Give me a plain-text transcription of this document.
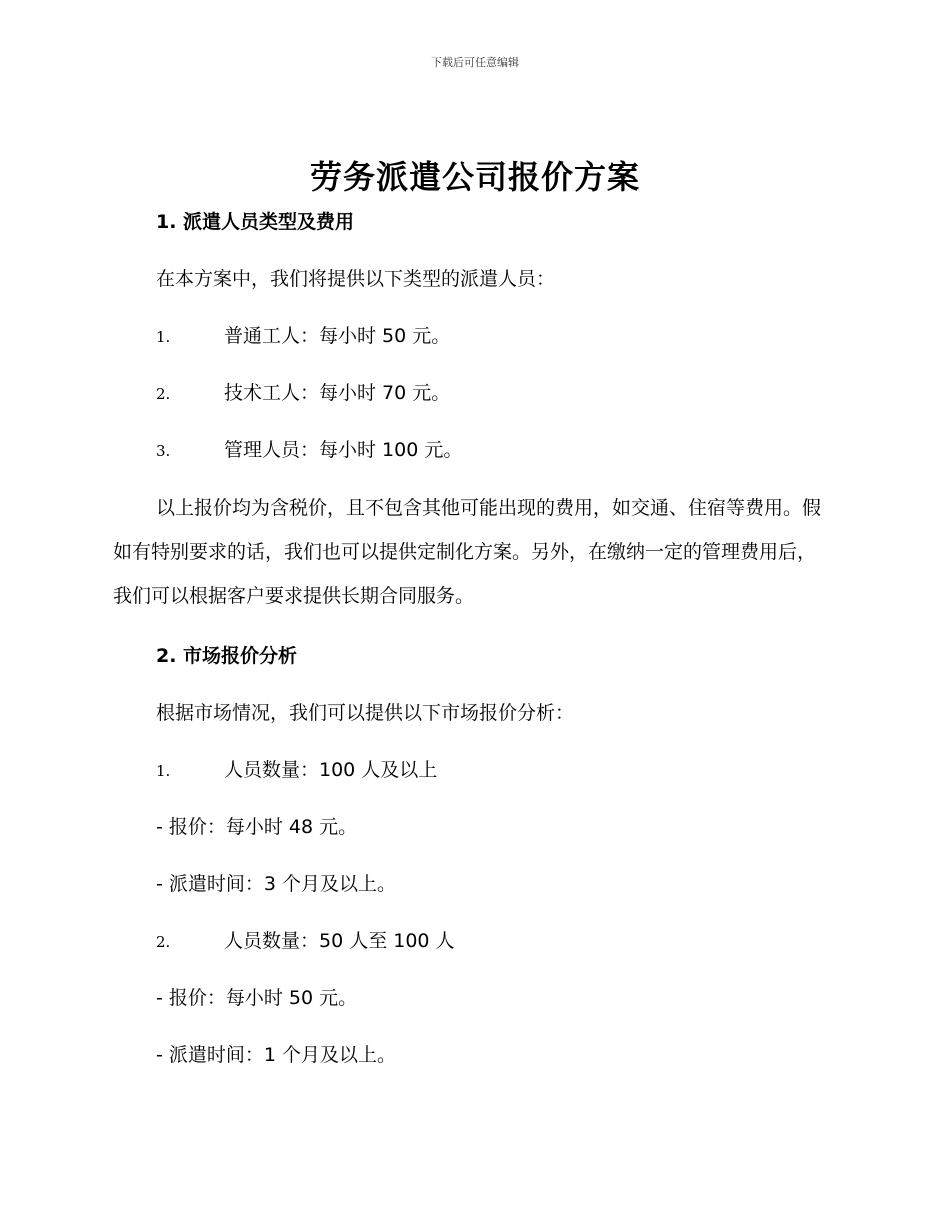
下载后可任意编辑
劳务派遣公司报价方案
1. 派遣人员类型及费用
在本方案中，我们将提供以下类型的派遣人员：
1.	普通工人：每小时 50 元。
2.	技术工人：每小时 70 元。
3.	管理人员：每小时 100 元。
以上报价均为含税价，且不包含其他可能出现的费用，如交通、住宿等费用。假如有特别要求的话，我们也可以提供定制化方案。另外，在缴纳一定的管理费用后，我们可以根据客户要求提供长期合同服务。
2. 市场报价分析
根据市场情况，我们可以提供以下市场报价分析：
1.	人员数量：100 人及以上
- 报价：每小时 48 元。
- 派遣时间：3 个月及以上。
2.	人员数量：50 人至 100 人
- 报价：每小时 50 元。
- 派遣时间：1 个月及以上。
